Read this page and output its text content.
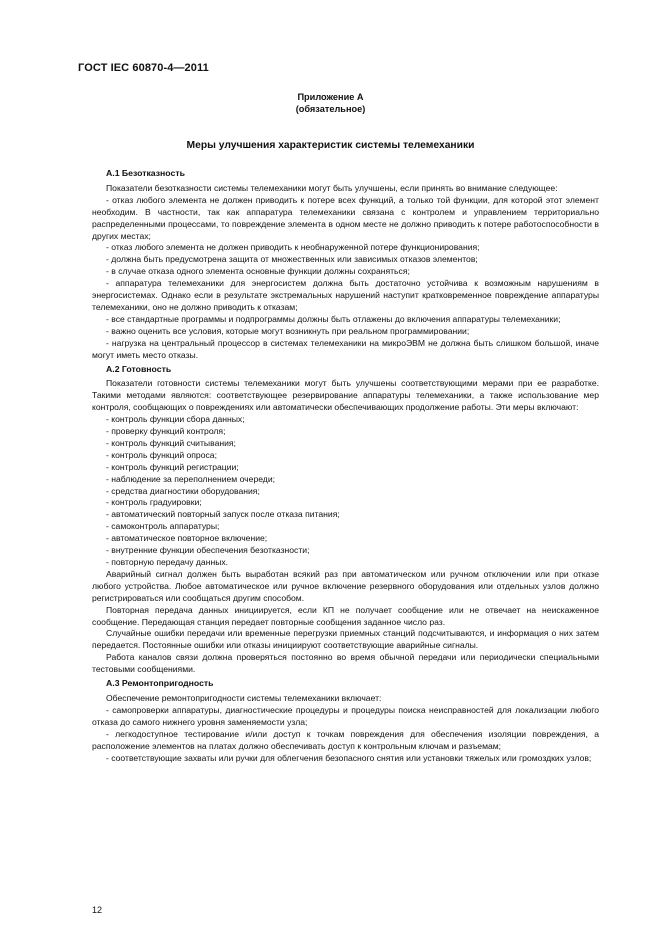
ГОСТ IEC 60870-4—2011
Приложение А
(обязательное)
Меры улучшения характеристик системы телемеханики
А.1 Безотказность

Показатели безотказности системы телемеханики могут быть улучшены, если принять во внимание следующее:

- отказ любого элемента не должен приводить к потере всех функций, а только той функции, для которой этот элемент необходим. В частности, так как аппаратура телемеханики связана с контролем и управлением территориально распределенными процессами, то повреждение элемента в одном месте не должно приводить к потере работоспособности в других местах;

- отказ любого элемента не должен приводить к необнаруженной потере функционирования;

- должна быть предусмотрена защита от множественных или зависимых отказов элементов;

- в случае отказа одного элемента основные функции должны сохраняться;

- аппаратура телемеханики для энергосистем должна быть достаточно устойчива к возможным нарушениям в энергосистемах. Однако если в результате экстремальных нарушений наступит кратковременное повреждение аппаратуры телемеханики, оно не должно приводить к отказам;

- все стандартные программы и подпрограммы должны быть отлажены до включения аппаратуры телемеханики;

- важно оценить все условия, которые могут возникнуть при реальном программировании;

- нагрузка на центральный процессор в системах телемеханики на микроЭВМ не должна быть слишком большой, иначе могут иметь место отказы.

А.2 Готовность

Показатели готовности системы телемеханики могут быть улучшены соответствующими мерами при ее разработке. Такими методами являются: соответствующее резервирование аппаратуры телемеханики, а также использование мер контроля, сообщающих о повреждениях или автоматически обеспечивающих продолжение работы. Эти меры включают:

- контроль функции сбора данных;

- проверку функций контроля;

- контроль функций считывания;

- контроль функций опроса;

- контроль функций регистрации;

- наблюдение за переполнением очереди;

- средства диагностики оборудования;

- контроль градуировки;

- автоматический повторный запуск после отказа питания;

- самоконтроль аппаратуры;

- автоматическое повторное включение;

- внутренние функции обеспечения безотказности;

- повторную передачу данных.

Аварийный сигнал должен быть выработан всякий раз при автоматическом или ручном отключении или при отказе любого устройства. Любое автоматическое или ручное включение резервного оборудования или отдельных узлов должно регистрироваться или сообщаться другим способом.

Повторная передача данных инициируется, если КП не получает сообщение или не отвечает на неискаженное сообщение. Передающая станция передает повторные сообщения заданное число раз.

Случайные ошибки передачи или временные перегрузки приемных станций подсчитываются, и информация о них затем передается. Постоянные ошибки или отказы инициируют соответствующие аварийные сигналы.

Работа каналов связи должна проверяться постоянно во время обычной передачи или периодически специальными тестовыми сообщениями.

А.3 Ремонтопригодность

Обеспечение ремонтопригодности системы телемеханики включает:

- самопроверки аппаратуры, диагностические процедуры и процедуры поиска неисправностей для локализации любого отказа до самого нижнего уровня заменяемости узла;

- легкодоступное тестирование и/или доступ к точкам повреждения для обеспечения изоляции повреждения, а расположение элементов на платах должно обеспечивать доступ к контрольным ключам и разъемам;

- соответствующие захваты или ручки для облегчения безопасного снятия или установки тяжелых или громоздких узлов;

12
